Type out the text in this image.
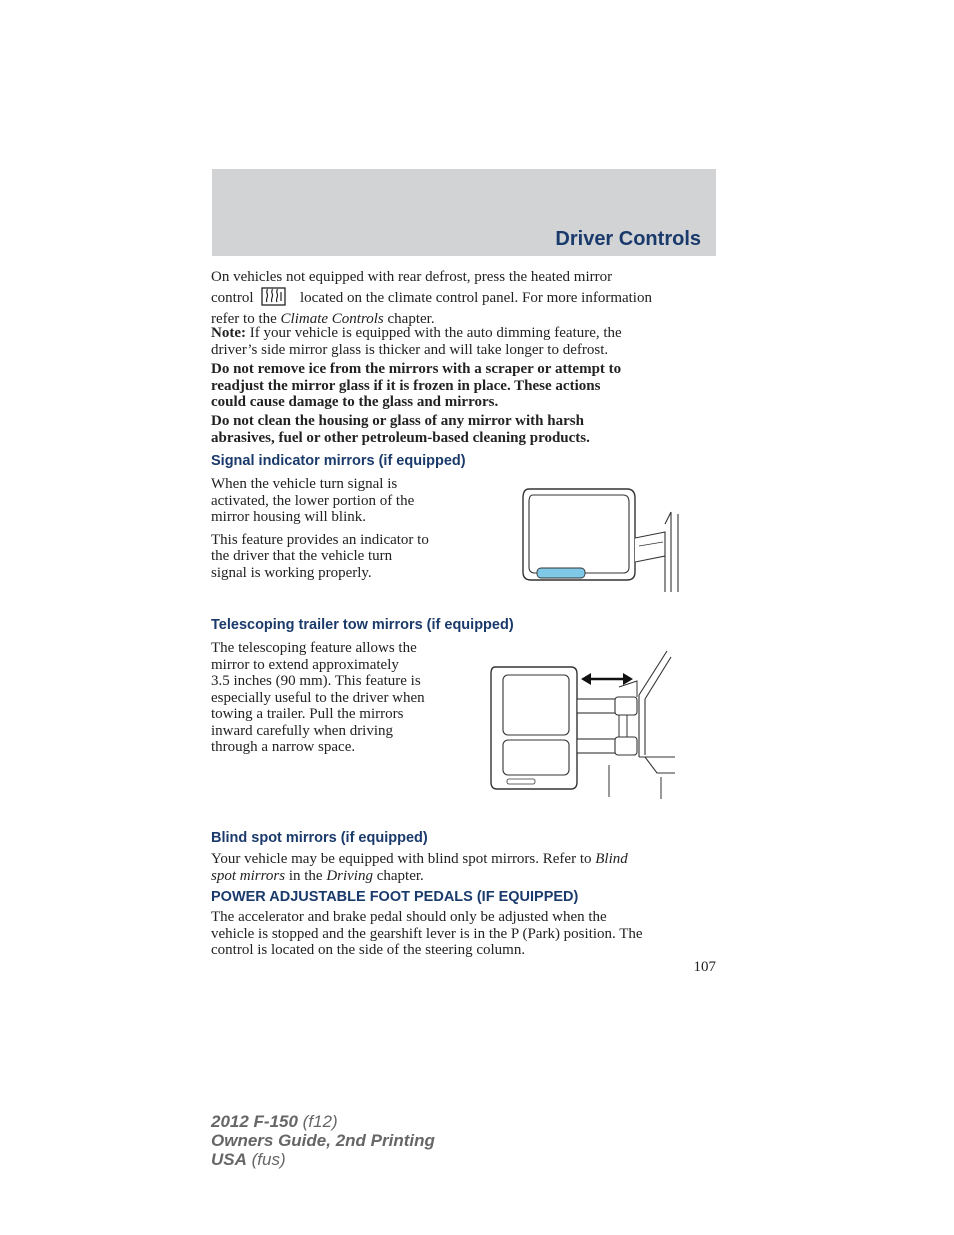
Driver Controls

On vehicles not equipped with rear defrost, press the heated mirror

control	located on the climate control panel. For more information

refer to the Climate Controls chapter.

Note: If your vehicle is equipped with the auto dimming feature, the

driver’s side mirror glass is thicker and will take longer to defrost.

Do not remove ice from the mirrors with a scraper or attempt to

readjust the mirror glass if it is frozen in place. These actions

could cause damage to the glass and mirrors.

Do not clean the housing or glass of any mirror with harsh

abrasives, fuel or other petroleum-based cleaning products.

Signal indicator mirrors (if equipped)

When the vehicle turn signal is

activated, the lower portion of the

mirror housing will blink.

This feature provides an indicator to

the driver that the vehicle turn

signal is working properly.

Telescoping trailer tow mirrors (if equipped)

The telescoping feature allows the

mirror to extend approximately

3.5 inches (90 mm). This feature is

especially useful to the driver when

towing a trailer. Pull the mirrors

inward carefully when driving

through a narrow space.

Blind spot mirrors (if equipped)

Your vehicle may be equipped with blind spot mirrors. Refer to Blind

spot mirrors in the Driving chapter.

POWER ADJUSTABLE FOOT PEDALS (IF EQUIPPED)

The accelerator and brake pedal should only be adjusted when the

vehicle is stopped and the gearshift lever is in the P (Park) position. The

control is located on the side of the steering column.

107
2012 F-150 (f12)
Owners Guide, 2nd Printing
USA (fus)
